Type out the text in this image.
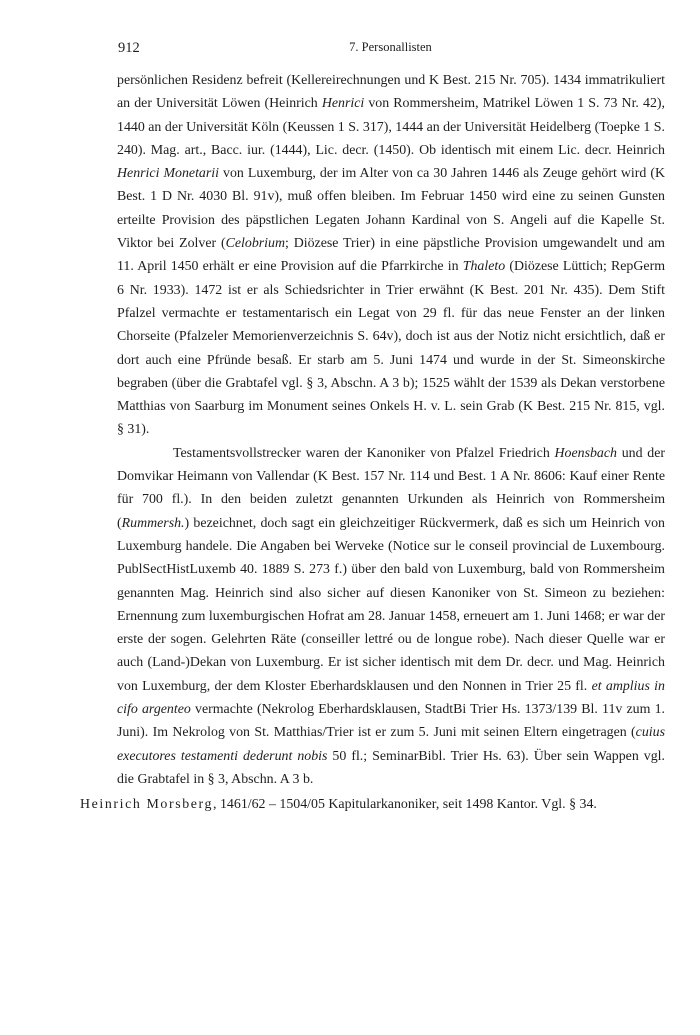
912	7. Personallisten

persönlichen Residenz befreit (Kellereirechnungen und K Best. 215 Nr. 705). 1434 immatrikuliert an der Universität Löwen (Heinrich Henrici von Rommersheim, Matrikel Löwen 1 S. 73 Nr. 42), 1440 an der Universität Köln (Keussen 1 S. 317), 1444 an der Universität Heidelberg (Toepke 1 S. 240). Mag. art., Bacc. iur. (1444), Lic. decr. (1450). Ob identisch mit einem Lic. decr. Heinrich Henrici Monetarii von Luxemburg, der im Alter von ca 30 Jahren 1446 als Zeuge gehört wird (K Best. 1 D Nr. 4030 Bl. 91v), muß offen bleiben. Im Februar 1450 wird eine zu seinen Gunsten erteilte Provision des päpstlichen Legaten Johann Kardinal von S. Angeli auf die Kapelle St. Viktor bei Zolver (Celobrium; Diözese Trier) in eine päpstliche Provision umgewandelt und am 11. April 1450 erhält er eine Provision auf die Pfarrkirche in Thaleto (Diözese Lüttich; RepGerm 6 Nr. 1933). 1472 ist er als Schiedsrichter in Trier erwähnt (K Best. 201 Nr. 435). Dem Stift Pfalzel vermachte er testamentarisch ein Legat von 29 fl. für das neue Fenster an der linken Chorseite (Pfalzeler Memorienverzeichnis S. 64v), doch ist aus der Notiz nicht ersichtlich, daß er dort auch eine Pfründe besaß. Er starb am 5. Juni 1474 und wurde in der St. Simeonskirche begraben (über die Grabtafel vgl. § 3, Abschn. A 3 b); 1525 wählt der 1539 als Dekan verstorbene Matthias von Saarburg im Monument seines Onkels H. v. L. sein Grab (K Best. 215 Nr. 815, vgl. § 31).

Testamentsvollstrecker waren der Kanoniker von Pfalzel Friedrich Hoensbach und der Domvikar Heimann von Vallendar (K Best. 157 Nr. 114 und Best. 1 A Nr. 8606: Kauf einer Rente für 700 fl.). In den beiden zuletzt genannten Urkunden als Heinrich von Rommersheim (Rummersh.) bezeichnet, doch sagt ein gleichzeitiger Rückvermerk, daß es sich um Heinrich von Luxemburg handele. Die Angaben bei Werveke (Notice sur le conseil provincial de Luxembourg. PublSectHistLuxemb 40. 1889 S. 273 f.) über den bald von Luxemburg, bald von Rommersheim genannten Mag. Heinrich sind also sicher auf diesen Kanoniker von St. Simeon zu beziehen: Ernennung zum luxemburgischen Hofrat am 28. Januar 1458, erneuert am 1. Juni 1468; er war der erste der sogen. Gelehrten Räte (conseiller lettré ou de longue robe). Nach dieser Quelle war er auch (Land-)Dekan von Luxemburg. Er ist sicher identisch mit dem Dr. decr. und Mag. Heinrich von Luxemburg, der dem Kloster Eberhardsklausen und den Nonnen in Trier 25 fl. et amplius in cifo argenteo vermachte (Nekrolog Eberhardsklausen, StadtBi Trier Hs. 1373/139 Bl. 11v zum 1. Juni). Im Nekrolog von St. Matthias/Trier ist er zum 5. Juni mit seinen Eltern eingetragen (cuius executores testamenti dederunt nobis 50 fl.; SeminarBibl. Trier Hs. 63). Über sein Wappen vgl. die Grabtafel in § 3, Abschn. A 3 b.

Heinrich Morsberg, 1461/62 – 1504/05 Kapitularkanoniker, seit 1498 Kantor. Vgl. § 34.
